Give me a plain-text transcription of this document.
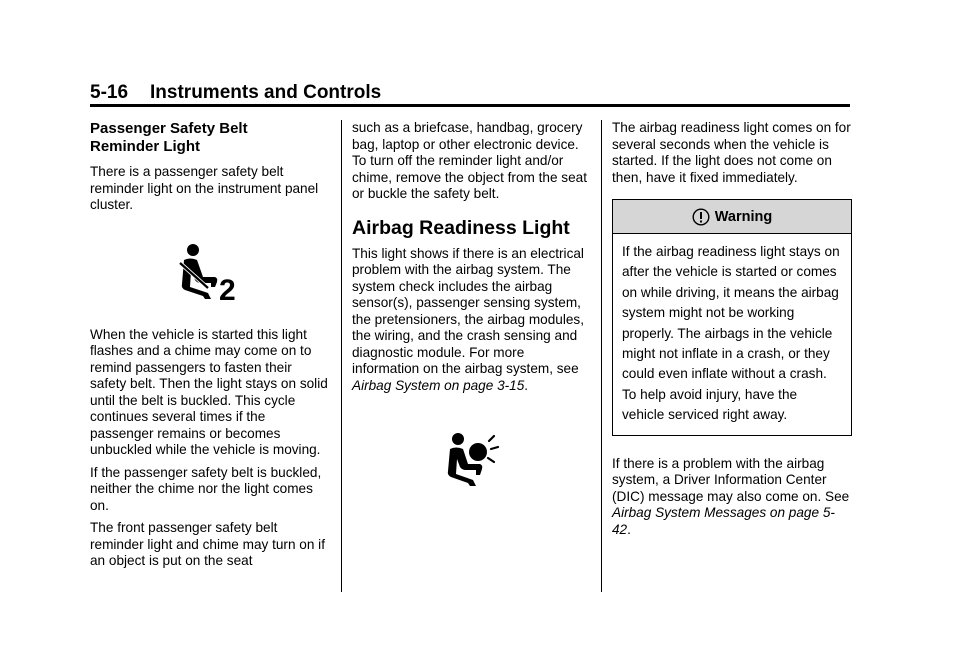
5-16 Instruments and Controls
Passenger Safety Belt
Reminder Light

There is a passenger safety belt reminder light on the instrument panel cluster.

2

When the vehicle is started this light flashes and a chime may come on to remind passengers to fasten their safety belt. Then the light stays on solid until the belt is buckled. This cycle continues several times if the passenger remains or becomes unbuckled while the vehicle is moving.

If the passenger safety belt is buckled, neither the chime nor the light comes on.

The front passenger safety belt reminder light and chime may turn on if an object is put on the seat

such as a briefcase, handbag, grocery bag, laptop or other electronic device. To turn off the reminder light and/or chime, remove the object from the seat or buckle the safety belt.

Airbag Readiness Light

This light shows if there is an electrical problem with the airbag system. The system check includes the airbag sensor(s), passenger sensing system, the pretensioners, the airbag modules, the wiring, and the crash sensing and diagnostic module. For more information on the airbag system, see Airbag System on page 3-15.

The airbag readiness light comes on for several seconds when the vehicle is started. If the light does not come on then, have it fixed immediately.

Warning
If the airbag readiness light stays on after the vehicle is started or comes on while driving, it means the airbag system might not be working properly. The airbags in the vehicle might not inflate in a crash, or they could even inflate without a crash. To help avoid injury, have the vehicle serviced right away.

If there is a problem with the airbag system, a Driver Information Center (DIC) message may also come on. See Airbag System Messages on page 5-42.
